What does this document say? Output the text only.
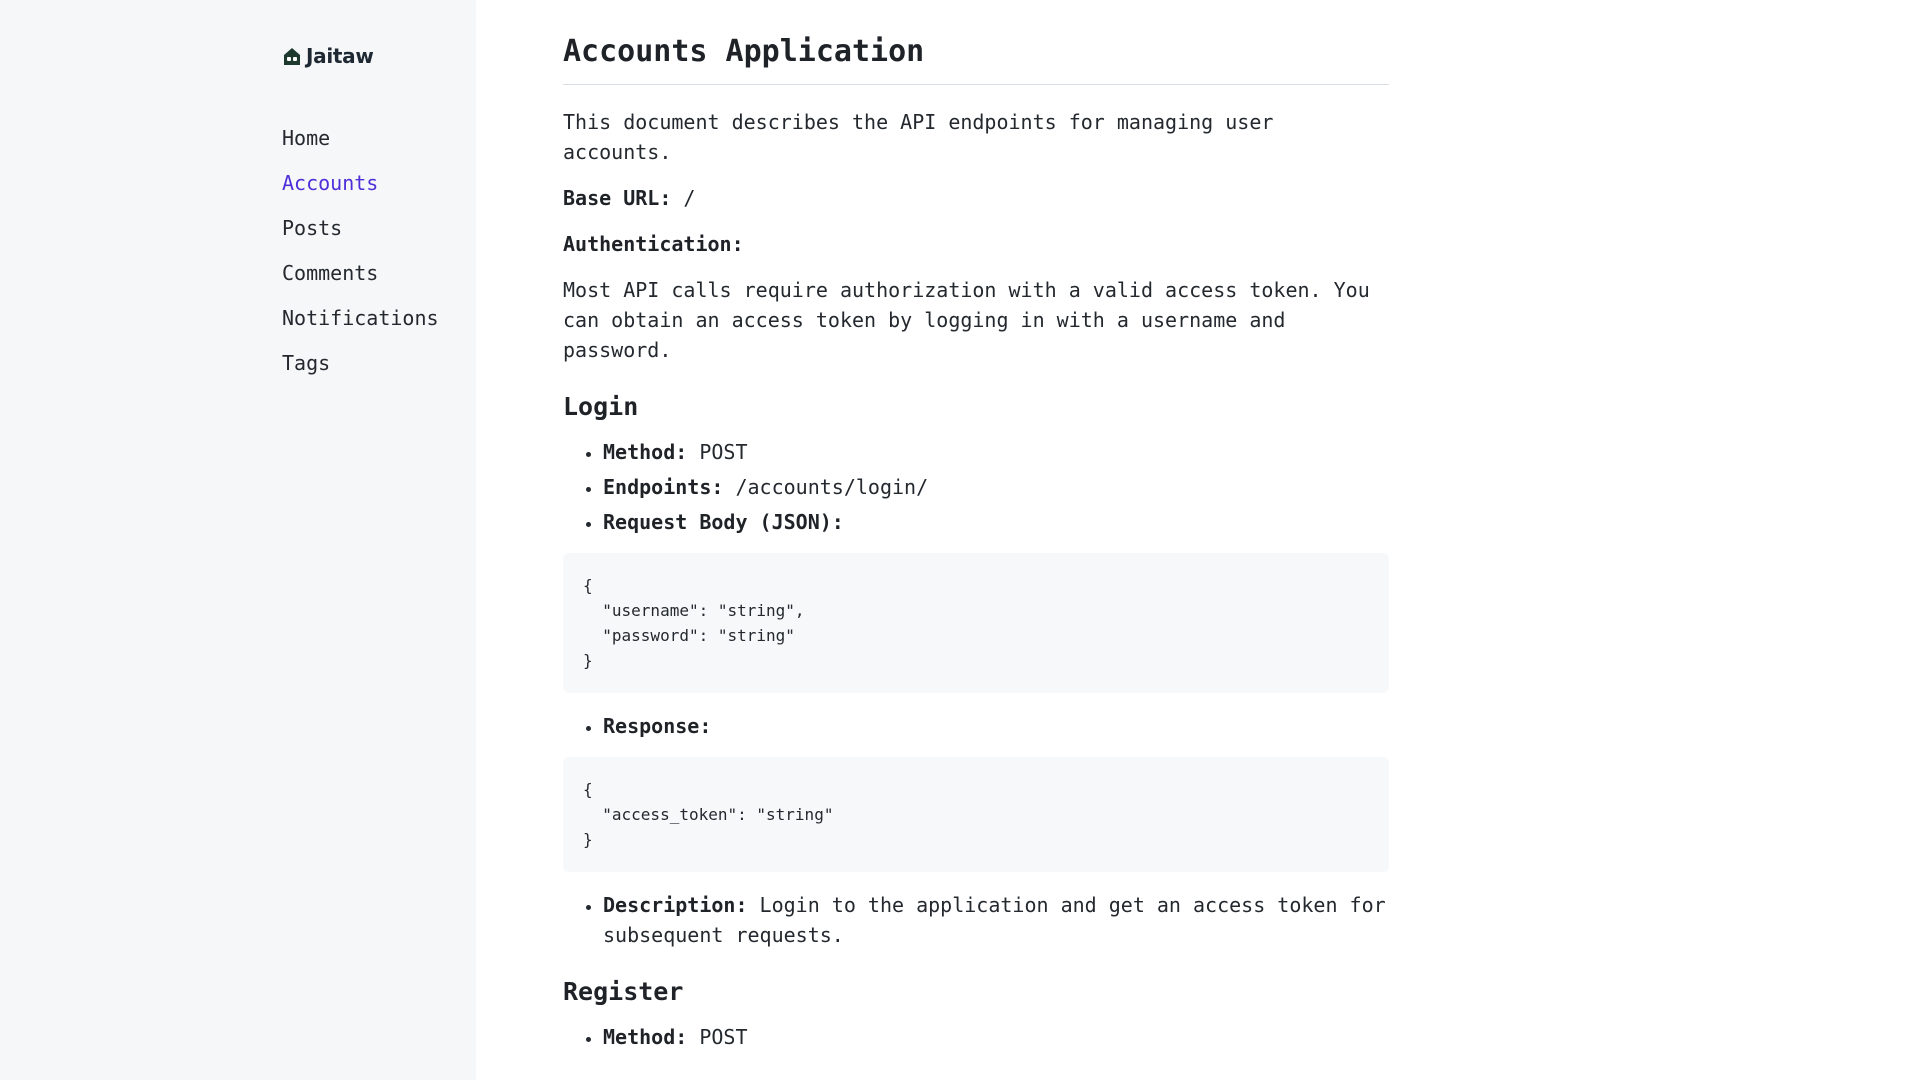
Jaitaw
Home
Accounts
Posts
Comments
Notifications
Tags
Accounts Application

This document describes the API endpoints for managing user accounts.

Base URL: /

Authentication:

Most API calls require authorization with a valid access token. You can obtain an access token by logging in with a username and password.

Login
• Method: POST
• Endpoints: /accounts/login/
• Request Body (JSON):
{
"username": "string",
"password": "string"
}
• Response:
{
"access_token": "string"
}
• Description: Login to the application and get an access token for subsequent requests.
Register
• Method: POST
